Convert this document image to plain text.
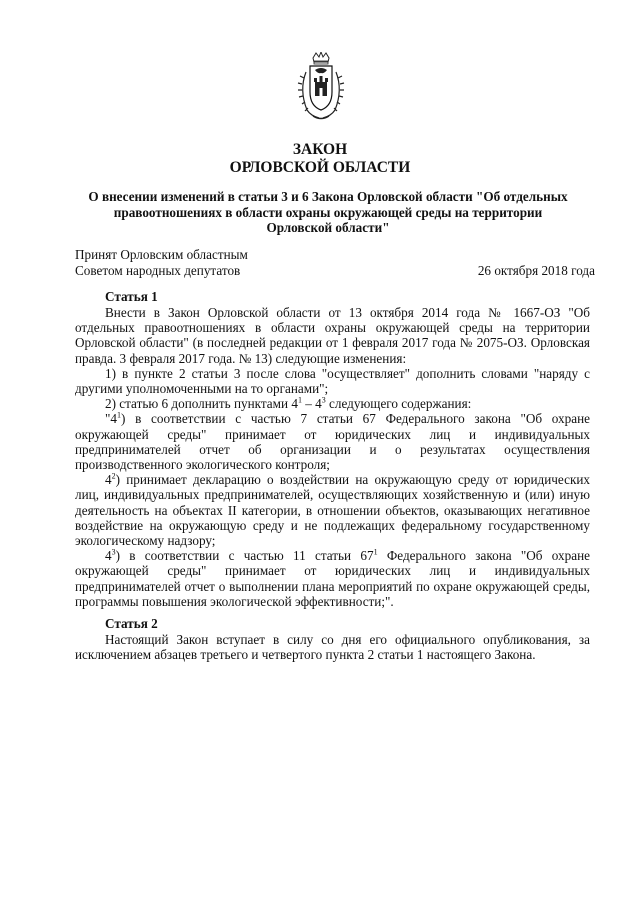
ЗАКОН
ОРЛОВСКОЙ ОБЛАСТИ
О внесении изменений в статьи 3 и 6 Закона Орловской области "Об отдельных правоотношениях в области охраны окружающей среды на территории Орловской области"
Принят Орловским областным
Советом народных депутатов	26 октября 2018 года
Статья 1

Внести в Закон Орловской области от 13 октября 2014 года № 1667-ОЗ "Об отдельных правоотношениях в области охраны окружающей среды на территории Орловской области" (в последней редакции от 1 февраля 2017 года № 2075-ОЗ. Орловская правда. 3 февраля 2017 года. № 13) следующие изменения:

1) в пункте 2 статьи 3 после слова "осуществляет" дополнить словами "наряду с другими уполномоченными на то органами";

2) статью 6 дополнить пунктами $4^1 - 4^3$ следующего содержания:

"$4^1$) в соответствии с частью 7 статьи 67 Федерального закона "Об охране окружающей среды" принимает от юридических лиц и индивидуальных предпринимателей отчет об организации и о результатах осуществления производственного экологического контроля;

$4^2$) принимает декларацию о воздействии на окружающую среду от юридических лиц, индивидуальных предпринимателей, осуществляющих хозяйственную и (или) иную деятельность на объектах II категории, в отношении объектов, оказывающих негативное воздействие на окружающую среду и не подлежащих федеральному государственному экологическому надзору;

$4^3$) в соответствии с частью 11 статьи $67^1$ Федерального закона "Об охране окружающей среды" принимает от юридических лиц и индивидуальных предпринимателей отчет о выполнении плана мероприятий по охране окружающей среды, программы повышения экологической эффективности;".

Статья 2

Настоящий Закон вступает в силу со дня его официального опубликования, за исключением абзацев третьего и четвертого пункта 2 статьи 1 настоящего Закона.
